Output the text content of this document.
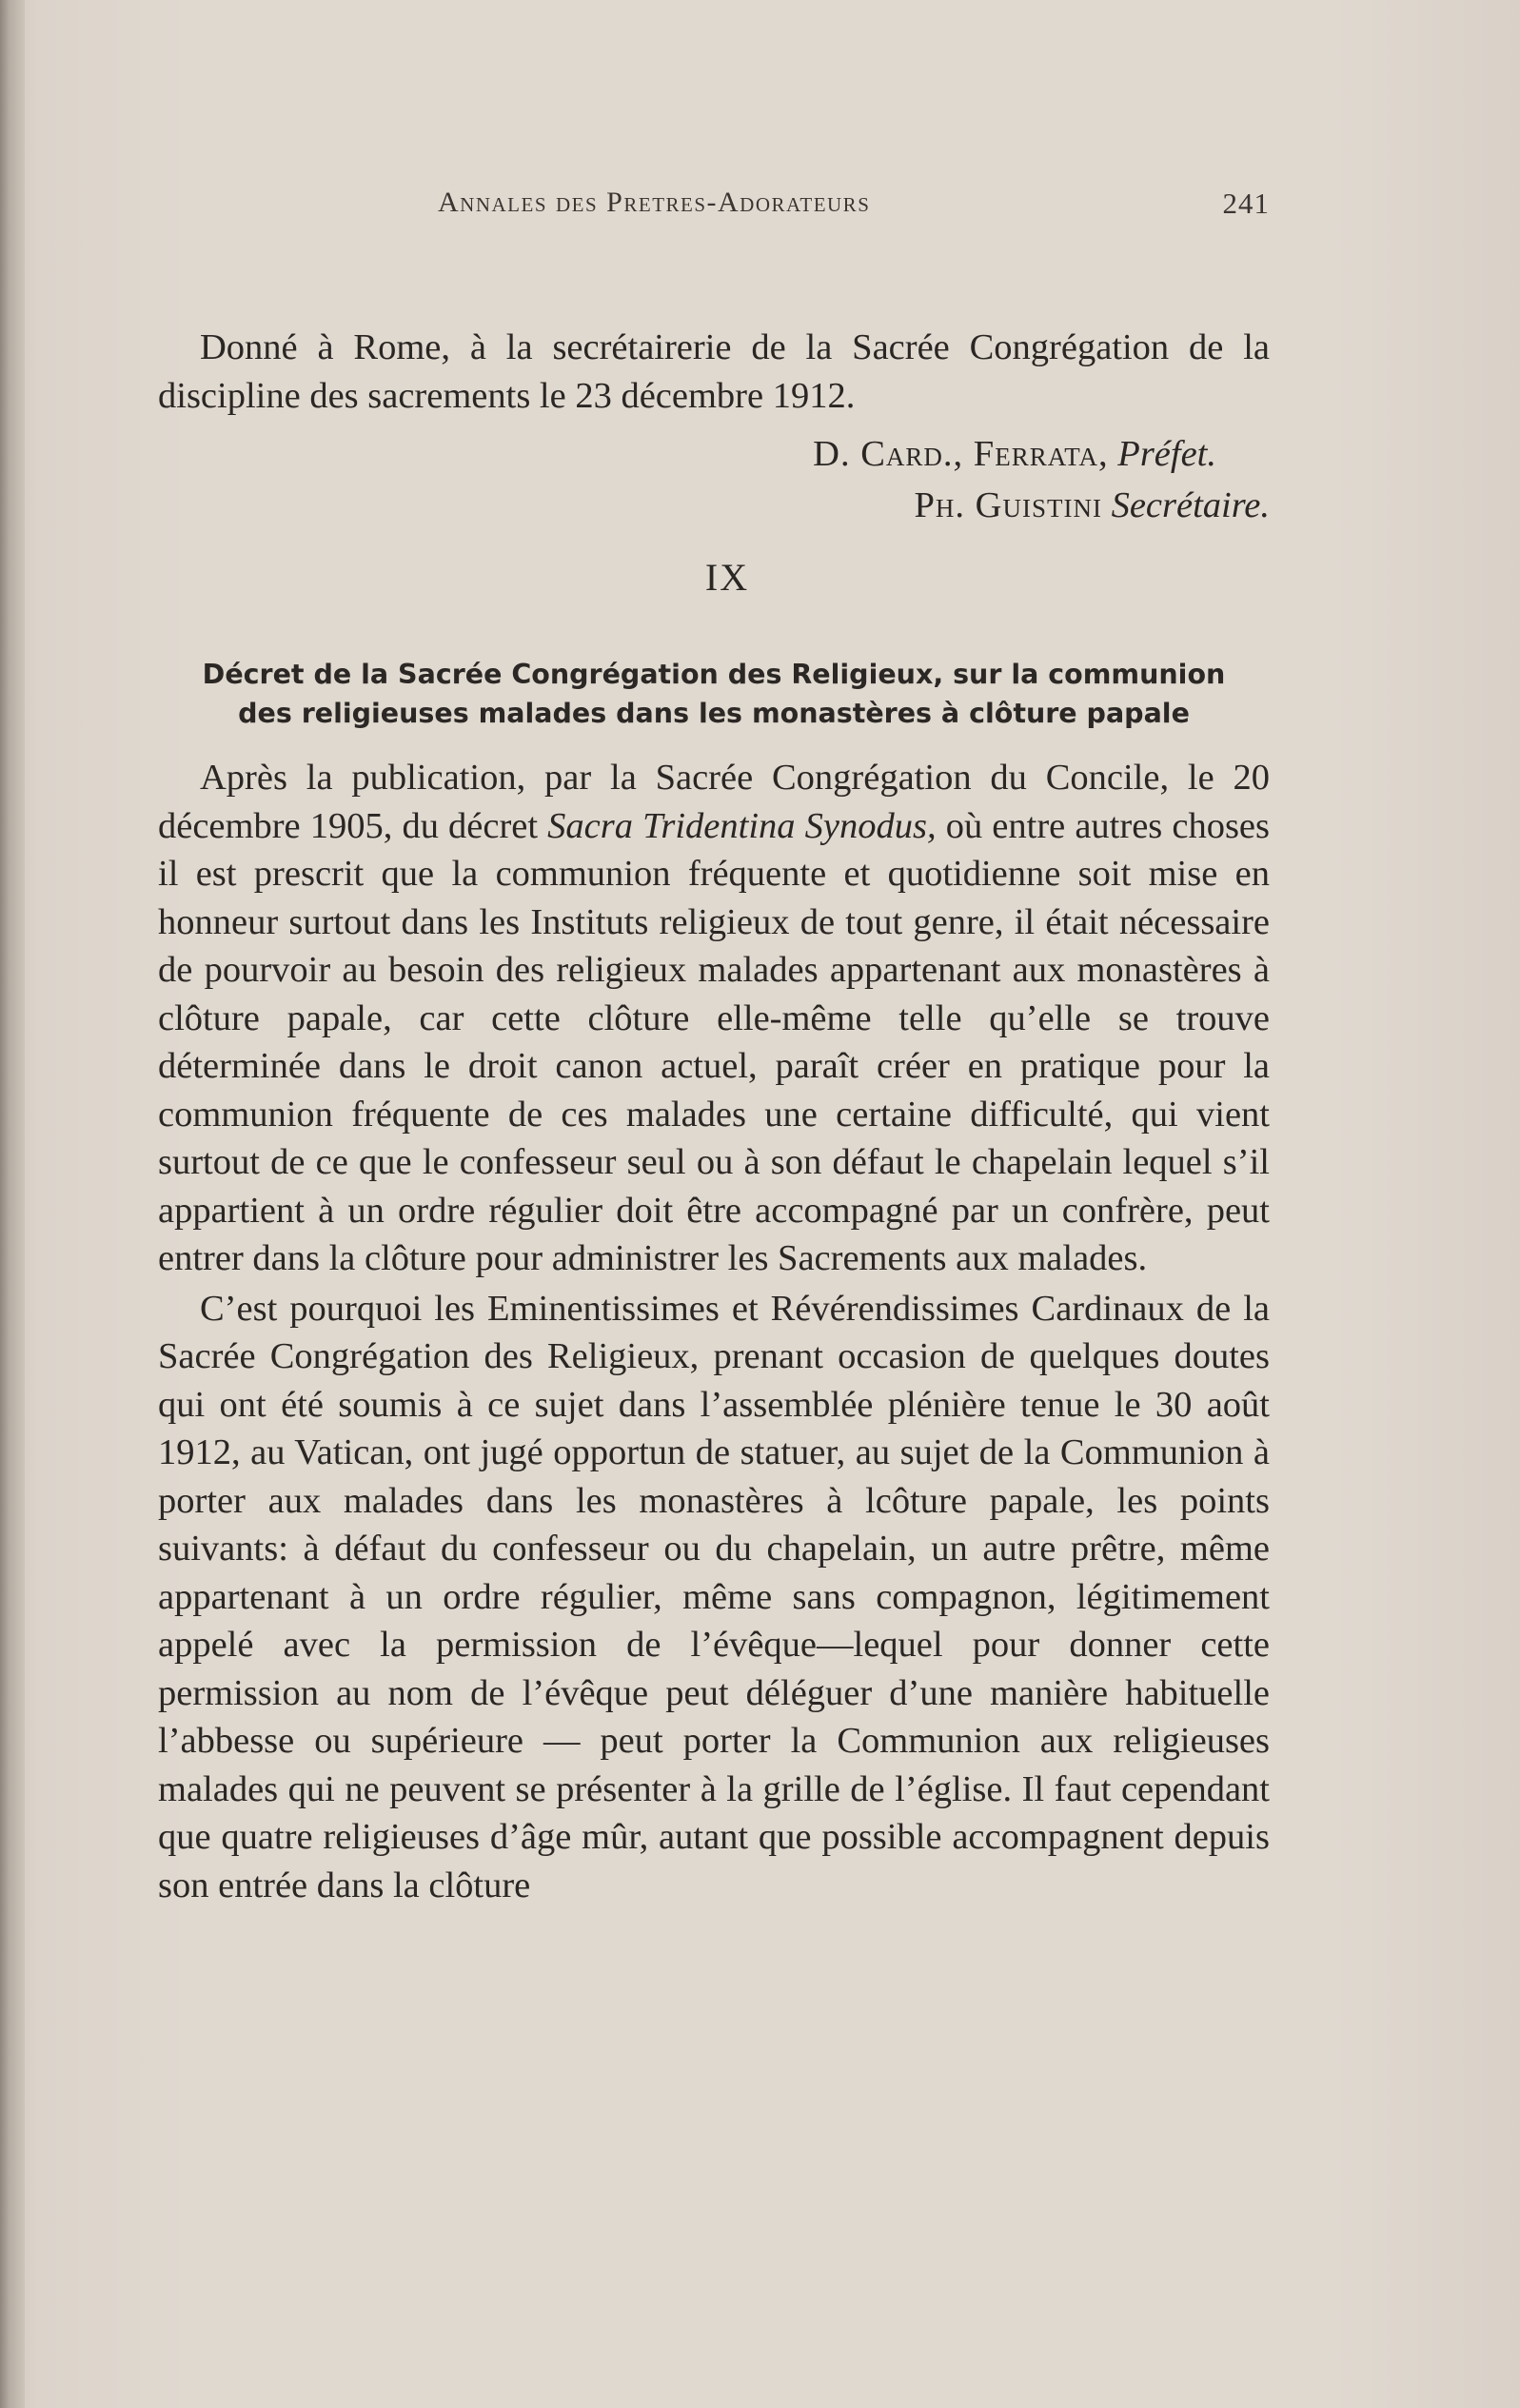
Annales des Pretres-Adorateurs	241

Donné à Rome, à la secrétairerie de la Sacrée Congrégation de la discipline des sacrements le 23 décembre 1912.

D. Card., Ferrata, Préfet.

Ph. Guistini Secrétaire.

IX

Décret de la Sacrée Congrégation des Religieux, sur la communion

des religieuses malades dans les monastères à clôture papale

Après la publication, par la Sacrée Congrégation du Concile, le 20 décembre 1905, du décret Sacra Tridentina Synodus, où entre autres choses il est prescrit que la communion fréquente et quotidienne soit mise en honneur surtout dans les Instituts religieux de tout genre, il était nécessaire de pourvoir au besoin des religieux malades appartenant aux monastères à clôture papale, car cette clôture elle-même telle qu’elle se trouve déterminée dans le droit canon actuel, paraît créer en pratique pour la communion fréquente de ces malades une certaine difficulté, qui vient surtout de ce que le confesseur seul ou à son défaut le chapelain lequel s’il appartient à un ordre régulier doit être accompagné par un confrère, peut entrer dans la clôture pour administrer les Sacrements aux malades.

C’est pourquoi les Eminentissimes et Révérendissimes Cardinaux de la Sacrée Congrégation des Religieux, prenant occasion de quelques doutes qui ont été soumis à ce sujet dans l’assemblée plénière tenue le 30 août 1912, au Vatican, ont jugé opportun de statuer, au sujet de la Communion à porter aux malades dans les monastères à lcôture papale, les points suivants: à défaut du confesseur ou du chapelain, un autre prêtre, même appartenant à un ordre régulier, même sans compagnon, légitimement appelé avec la permission de l’évêque—lequel pour donner cette permission au nom de l’évêque peut déléguer d’une manière habituelle l’abbesse ou supérieure — peut porter la Communion aux religieuses malades qui ne peuvent se présenter à la grille de l’église. Il faut cependant que quatre religieuses d’âge mûr, autant que possible accompagnent depuis son entrée dans la clôture
